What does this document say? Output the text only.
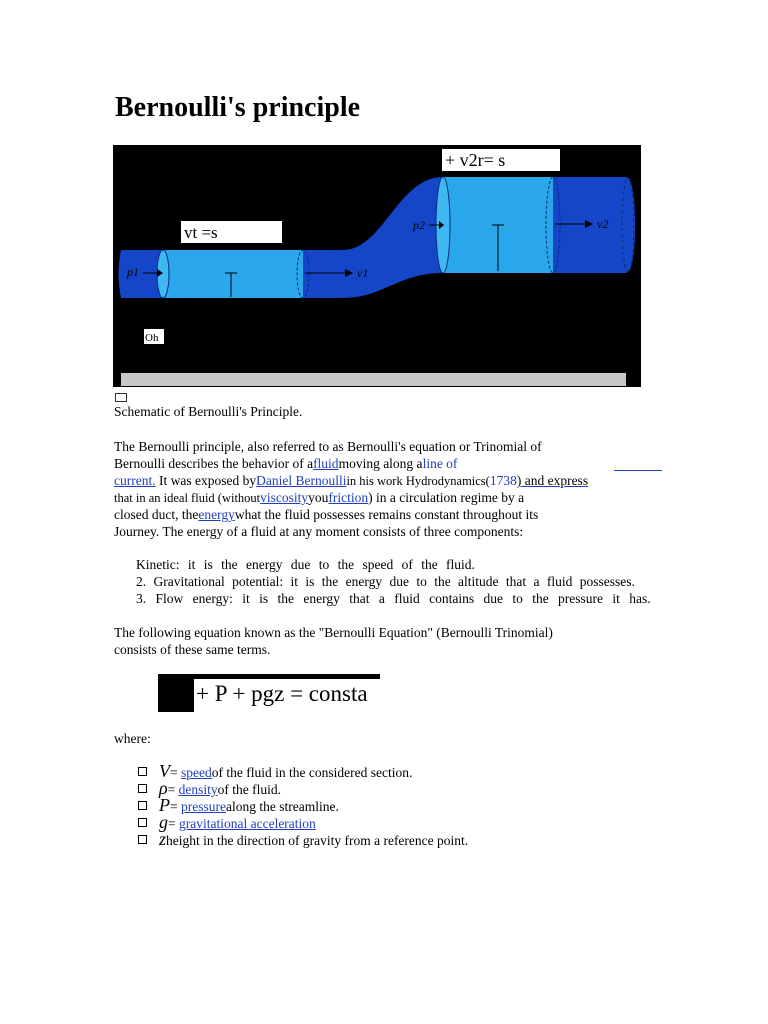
Bernoulli's principle
p1
p2
v1
v2
+ v2r= s
vt =s
Oh
Schematic of Bernoulli's Principle.
The Bernoulli principle, also referred to as Bernoulli's equation or Trinomial of
Bernoulli describes the behavior of afluidmoving along aline of
current. It was exposed byDaniel Bernoulliin his work Hydrodynamics(1738) and express
that in an ideal fluid (withoutviscosityyoufriction) in a circulation regime by a
closed duct, theenergywhat the fluid possesses remains constant throughout its
Journey. The energy of a fluid at any moment consists of three components:
Kinetic: it is the energy due to the speed of the fluid.
2. Gravitational potential: it is the energy due to the altitude that a fluid possesses.
3. Flow energy: it is the energy that a fluid contains due to the pressure it has.
The following equation known as the "Bernoulli Equation" (Bernoulli Trinomial)
consists of these same terms.
+ P + pgz = consta
where:
V= speedof the fluid in the considered section.
ρ= densityof the fluid.
P= pressurealong the streamline.
g= gravitational acceleration
zheight in the direction of gravity from a reference point.
